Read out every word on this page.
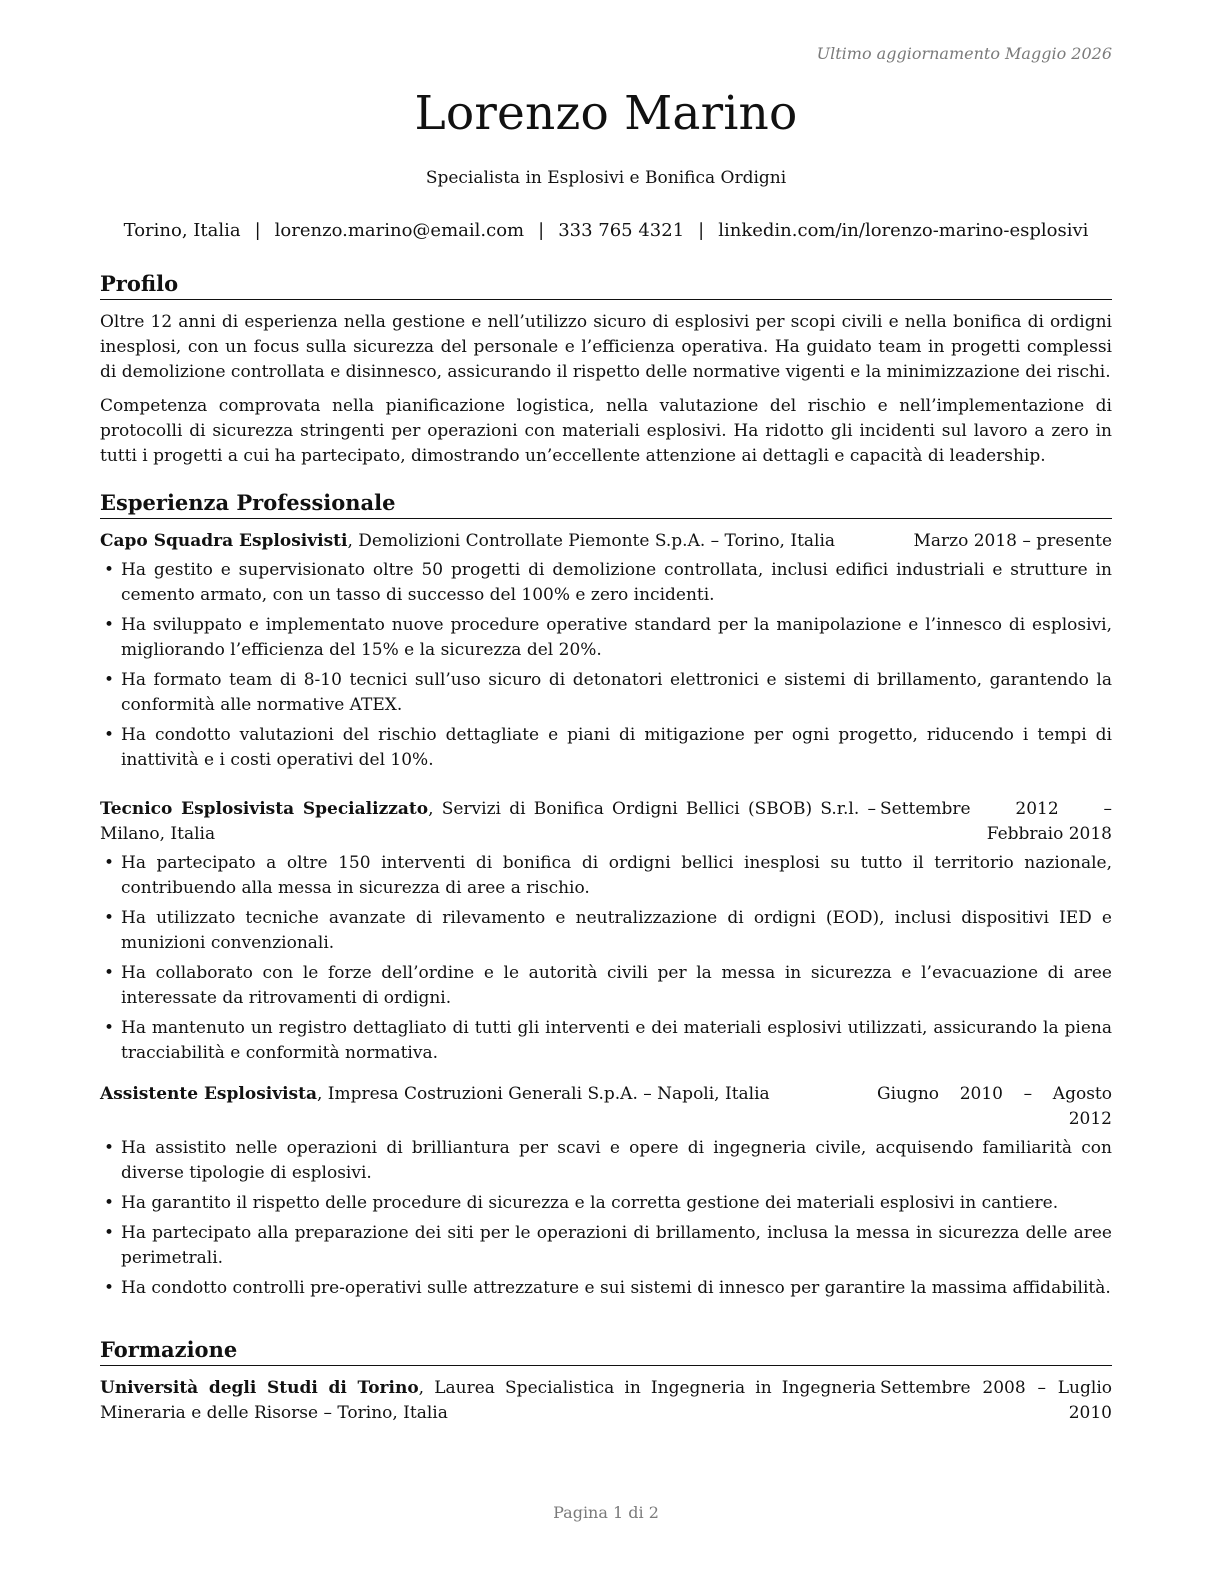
Ultimo aggiornamento Maggio 2026
Lorenzo Marino
Specialista in Esplosivi e Bonifica Ordigni
Torino, Italia | lorenzo.marino@email.com | 333 765 4321 | linkedin.com/in/lorenzo-marino-esplosivi
Profilo
Oltre 12 anni di esperienza nella gestione e nell’utilizzo sicuro di esplosivi per scopi civili e nella bonifica di ordigni inesplosi, con un focus sulla sicurezza del personale e l’efficienza operativa. Ha guidato team in progetti complessi di demolizione controllata e disinnesco, assicurando il rispetto delle normative vigenti e la minimizzazione dei rischi.
Competenza comprovata nella pianificazione logistica, nella valutazione del rischio e nell’implementazione di protocolli di sicurezza stringenti per operazioni con materiali esplosivi. Ha ridotto gli incidenti sul lavoro a zero in tutti i progetti a cui ha partecipato, dimostrando un’eccellente attenzione ai dettagli e capacità di leadership.
Esperienza Professionale
Capo Squadra Esplosivisti, Demolizioni Controllate Piemonte S.p.A. – Torino, Italia	Marzo 2018 – presente
• Ha gestito e supervisionato oltre 50 progetti di demolizione controllata, inclusi edifici industriali e strutture in cemento armato, con un tasso di successo del 100% e zero incidenti.
• Ha sviluppato e implementato nuove procedure operative standard per la manipolazione e l’innesco di esplosivi, migliorando l’efficienza del 15% e la sicurezza del 20%.
• Ha formato team di 8-10 tecnici sull’uso sicuro di detonatori elettronici e sistemi di brillamento, garantendo la conformità alle normative ATEX.
• Ha condotto valutazioni del rischio dettagliate e piani di mitigazione per ogni progetto, riducendo i tempi di inattività e i costi operativi del 10%.
Tecnico Esplosivista Specializzato, Servizi di Bonifica Ordigni Bellici (SBOB) S.r.l. – Milano, Italia
Settembre 2012 – Febbraio 2018
• Ha partecipato a oltre 150 interventi di bonifica di ordigni bellici inesplosi su tutto il territorio nazionale, contribuendo alla messa in sicurezza di aree a rischio.
• Ha utilizzato tecniche avanzate di rilevamento e neutralizzazione di ordigni (EOD), inclusi dispositivi IED e munizioni convenzionali.
• Ha collaborato con le forze dell’ordine e le autorità civili per la messa in sicurezza e l’evacuazione di aree interessate da ritrovamenti di ordigni.
• Ha mantenuto un registro dettagliato di tutti gli interventi e dei materiali esplosivi utilizzati, assicurando la piena tracciabilità e conformità normativa.
Assistente Esplosivista, Impresa Costruzioni Generali S.p.A. – Napoli, Italia	Giugno 2010 – Agosto 2012
• Ha assistito nelle operazioni di brilliantura per scavi e opere di ingegneria civile, acquisendo familiarità con diverse tipologie di esplosivi.
• Ha garantito il rispetto delle procedure di sicurezza e la corretta gestione dei materiali esplosivi in cantiere.
• Ha partecipato alla preparazione dei siti per le operazioni di brillamento, inclusa la messa in sicurezza delle aree perimetrali.
• Ha condotto controlli pre-operativi sulle attrezzature e sui sistemi di innesco per garantire la massima affidabilità.
Formazione
Università degli Studi di Torino, Laurea Specialistica in Ingegneria in Ingegneria Mineraria e delle Risorse – Torino, Italia
Settembre 2008 – Luglio 2010
Pagina 1 di 2
